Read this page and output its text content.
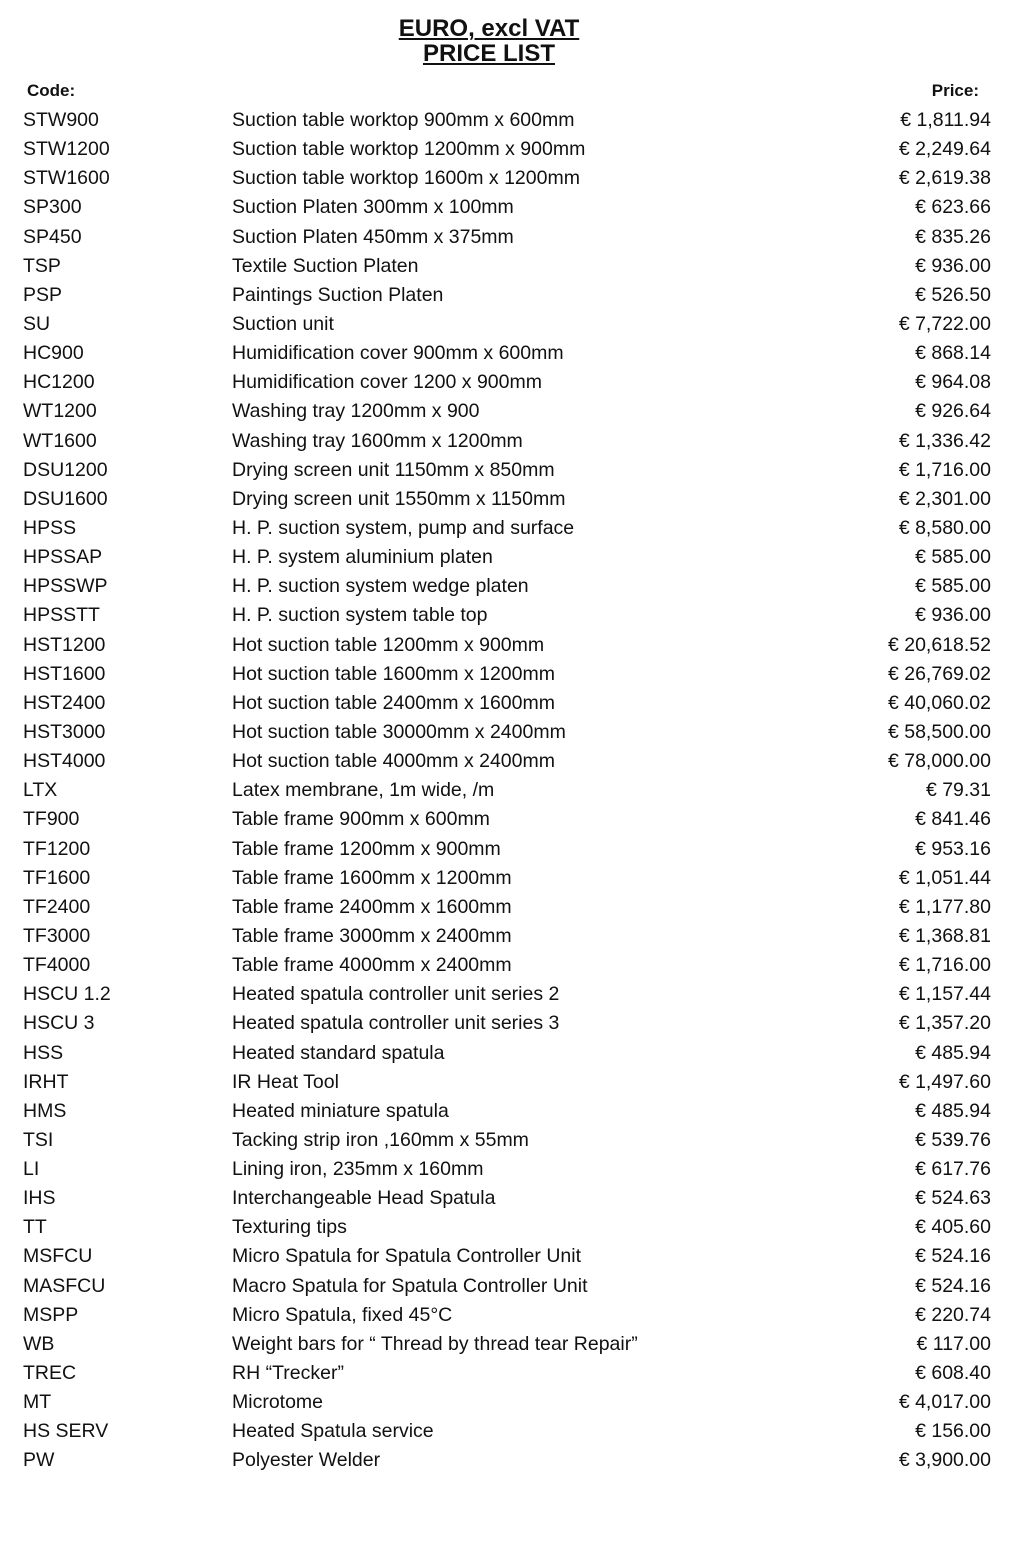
EURO, excl VAT
PRICE LIST
Code:	Price:
STW900	Suction table worktop 900mm x 600mm	€ 1,811.94
STW1200	Suction table worktop 1200mm x 900mm	€ 2,249.64
STW1600	Suction table worktop 1600m x 1200mm	€ 2,619.38
SP300	Suction Platen 300mm x 100mm	€ 623.66
SP450	Suction Platen 450mm x 375mm	€ 835.26
TSP	Textile Suction Platen	€ 936.00
PSP	Paintings Suction Platen	€ 526.50
SU	Suction unit	€ 7,722.00
HC900	Humidification cover 900mm x 600mm	€ 868.14
HC1200	Humidification cover 1200 x 900mm	€ 964.08
WT1200	Washing tray 1200mm x 900	€ 926.64
WT1600	Washing tray 1600mm x 1200mm	€ 1,336.42
DSU1200	Drying screen unit 1150mm x 850mm	€ 1,716.00
DSU1600	Drying screen unit 1550mm x 1150mm	€ 2,301.00
HPSS	H. P. suction system, pump and surface	€ 8,580.00
HPSSAP	H. P. system aluminium platen	€ 585.00
HPSSWP	H. P. suction system wedge platen	€ 585.00
HPSSTT	H. P. suction system table top	€ 936.00
HST1200	Hot suction table 1200mm x 900mm	€ 20,618.52
HST1600	Hot suction table 1600mm x 1200mm	€ 26,769.02
HST2400	Hot suction table 2400mm x 1600mm	€ 40,060.02
HST3000	Hot suction table 30000mm x 2400mm	€ 58,500.00
HST4000	Hot suction table 4000mm x 2400mm	€ 78,000.00
LTX	Latex membrane, 1m wide, /m	€ 79.31
TF900	Table frame 900mm x 600mm	€ 841.46
TF1200	Table frame 1200mm x 900mm	€ 953.16
TF1600	Table frame 1600mm x 1200mm	€ 1,051.44
TF2400	Table frame 2400mm x 1600mm	€ 1,177.80
TF3000	Table frame 3000mm x 2400mm	€ 1,368.81
TF4000	Table frame 4000mm x 2400mm	€ 1,716.00
HSCU 1.2	Heated spatula controller unit series 2	€ 1,157.44
HSCU 3	Heated spatula controller unit series 3	€ 1,357.20
HSS	Heated standard spatula	€ 485.94
IRHT	IR Heat Tool	€ 1,497.60
HMS	Heated miniature spatula	€ 485.94
TSI	Tacking strip iron ,160mm x 55mm	€ 539.76
LI	Lining iron, 235mm x 160mm	€ 617.76
IHS	Interchangeable Head Spatula	€ 524.63
TT	Texturing tips	€ 405.60
MSFCU	Micro Spatula for Spatula Controller Unit	€ 524.16
MASFCU	Macro Spatula for Spatula Controller Unit	€ 524.16
MSPP	Micro Spatula, fixed 45°C	€ 220.74
WB	Weight bars for “ Thread by thread tear Repair”	€ 117.00
TREC	RH “Trecker”	€ 608.40
MT	Microtome	€ 4,017.00
HS SERV	Heated Spatula service	€ 156.00
PW	Polyester Welder	€ 3,900.00
